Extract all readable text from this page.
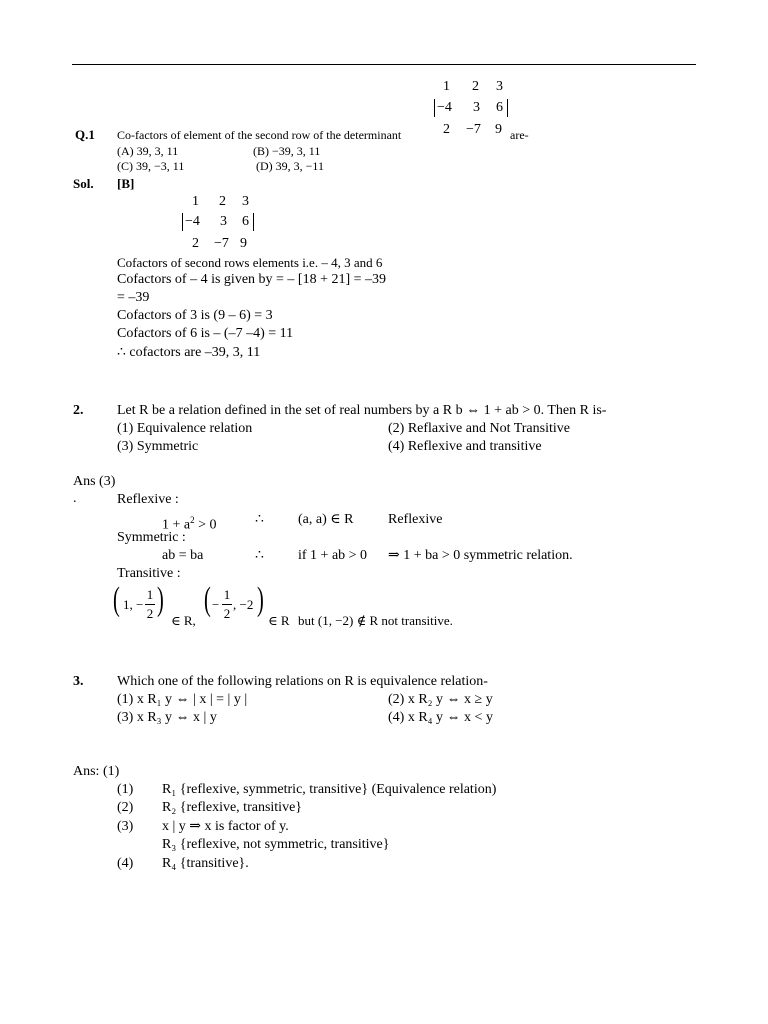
1 2 3
−4 3 6
2 −7 9
Q.1 Co-factors of element of the second row of the determinant	are-
(A) 39, 3, 11	(B) −39, 3, 11
(C) 39, −3, 11	(D) 39, 3, −11
Sol. [B]
1 2 3
−4 3 6
2 −7 9
Cofactors of second rows elements i.e. – 4, 3 and 6
Cofactors of – 4 is given by = – [18 + 21] = –39
= –39
Cofactors of 3 is (9 – 6) = 3
Cofactors of 6 is – (–7 –4) = 11
∴ cofactors are –39, 3, 11
2. Let R be a relation defined in the set of real numbers by a R b ⇔ 1 + ab > 0. Then R is-
(1) Equivalence relation	(2) Reflaxive and Not Transitive
(3) Symmetric	(4) Reflexive and transitive
Ans (3)
.	Reflexive :
$1 + a^2 > 0$	∴ (a, a) ∈ R Reflexive
Symmetric :
ab = ba	∴ if 1 + ab > 0 ⇒ 1 + ba > 0 symmetric relation.
Transitive :
( 1, −
1
2 )
∈ R,
( −
1
2
, −2 )
∈ R but (1, −2) ∉ R not transitive.
3. Which one of the following relations on R is equivalence relation-
(1) x R₁ y ⇔ | x | = | y |	(2) x R₂ y ⇔ x ≥ y
(3) x R₃ y ⇔ x | y	(4) x R₄ y ⇔ x < y
Ans: (1)
(1) R₁ {reflexive, symmetric, transitive} (Equivalence relation)
(2) R₂ {reflexive, transitive}
(3) x | y ⇒ x is factor of y.
R₃ {reflexive, not symmetric, transitive}
(4) R₄ {transitive}.
